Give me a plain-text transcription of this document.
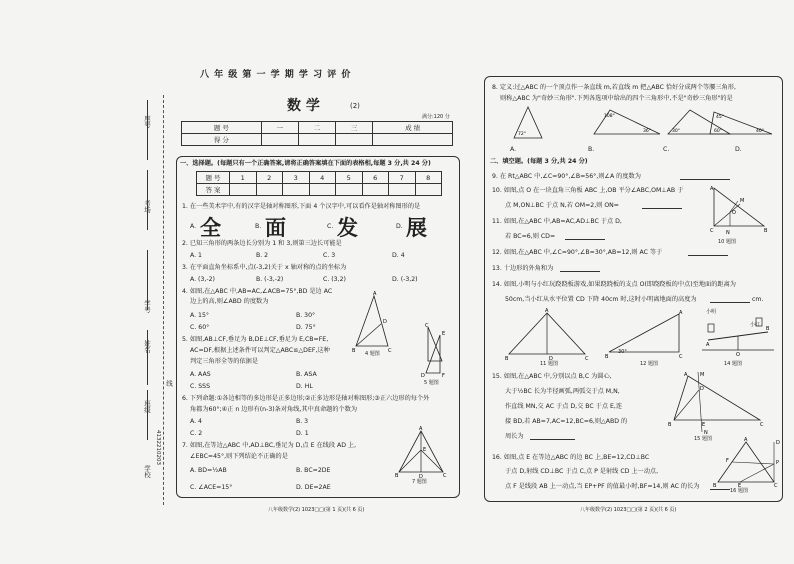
座号
考场
学号
姓名
班级
学校
线
4132210203
八 年 级 第 一 学 期 学 习 评 价
数 学	(2)
满分:120 分
题 号	一	二	三	成 绩
得 分				
一、选择题。(每题只有一个正确答案,请将正确答案填在下面的表格相,每题 3 分,共 24 分)
题 号	1	2	3	4	5	6	7	8
答 案								
1. 在一些美术字中,有的汉字是轴对称图形,下面 4 个汉字中,可以看作是轴对称图形的是
A. 全	B. 面	C. 发	D. 展
2. 已知三角形的两条边长分别为 1 和 3,则第三边长可能是
A. 1	B. 2	C. 3	D. 4
3. 在平面直角坐标系中,点(-3,2)关于 x 轴对称的点的坐标为
A. (3,-2)	B. (-3,-2)	C. (3,2)	D. (-3,2)
4. 如图,在△ABC 中,AB=AC,∠ACB=75°,BD 是边 AC
边上的高,则∠ABD 的度数为
A. 15°	B. 30°
C. 60°	D. 75°
A
B	C
D
4 题图
5. 如图,AB⊥CF,垂足为 B,DE⊥CF,垂足为 E,CB=FE,
AC=DF,根据上述条件可以判定△ABC≌△DEF,这种
判定三角形全等的依据是
A. AAS	B. ASA
C. SSS	D. HL
C
E
F
D
5 题图
6. 下列命题:①各边相等的多边形是正多边形;②正多边形是轴对称图形;③正六边形的每个外
角都为60°;④正 n 边形有(n-3)条对角线,其中真命题的个数为
A. 4	B. 3
C. 2	D. 1
7. 如图,在等边△ABC 中,AD⊥BC,垂足为 D,点 E 在线段 AD 上,
∠EBC=45°,则下列结论不正确的是
A. BD=½AB	B. BC=2DE
C. ∠ACE=15°	D. DE=2AE
A
B	C
D
E
7 题图
八年级数学(2) 1023□□(第 1 页)(共 6 页)
8. 定义:过△ABC 的一个顶点作一条直线 m,若直线 m 把△ABC 恰好分成两个等腰三角形,
则称△ABC 为"奇妙三角形".下列各选项中给出的四个三角形中,不是"奇妙三角形"的是
72°
108°
36°	30°	60°
45°
40°
A.	B.	C.	D.
二、填空题。(每题 3 分,共 24 分)
9. 在 Rt△ABC 中,∠C=90°,∠B=56°,则∠A 的度数为
10. 如图,点 O 在一块直角三角板 ABC 上,OB 平分∠ABC,OM⊥AB 于
点 M,ON⊥BC 于点 N,若 OM=2,则 ON=
A
B
C
M
N
O
10 题图
11. 如图,在△ABC 中,AB=AC,AD⊥BC 于点 D,
若 BC=6,则 CD=
12. 如图,在△ABC 中,∠C=90°,∠B=30°,AB=12,则 AC 等于
13. 十边形的外角和为
14. 如图,小明与小红玩跷跷板游戏,如果跷跷板的支点 O(即跷跷板的中点)至地面的距离为
50cm,当小红从水平位置 CD 下降 40cm 时,这时小明离地面的高度为	cm.
A
B	C
D
11 题图
A
B	C
30°
12 题图
A
B
O
小明
小红
14 题图
15. 如图,在△ABC 中,分别以点 B,C 为圆心,
大于½BC 长为半径画弧,两弧交于点 M,N,
作直线 MN,交 AC 于点 D,交 BC 于点 E,连
接 BD,若 AB=7,AC=12,BC=6,则△ABD 的
周长为
A
B	C
D
E
M
N
15 题图
16. 如图,点 E 在等边△ABC 的边 BC 上,BE=12,CD⊥BC
于点 D,射线 CD⊥BC 于点 C,点 P 是射线 CD 上一动点,
点 F 是线段 AB 上一动点,当 EP+PF 的值最小时,BF=14,则 AC 的长为
A
B	C
E
F	P
D
16 题图
八年级数学(2) 1023□□(第 2 页)(共 6 页)
